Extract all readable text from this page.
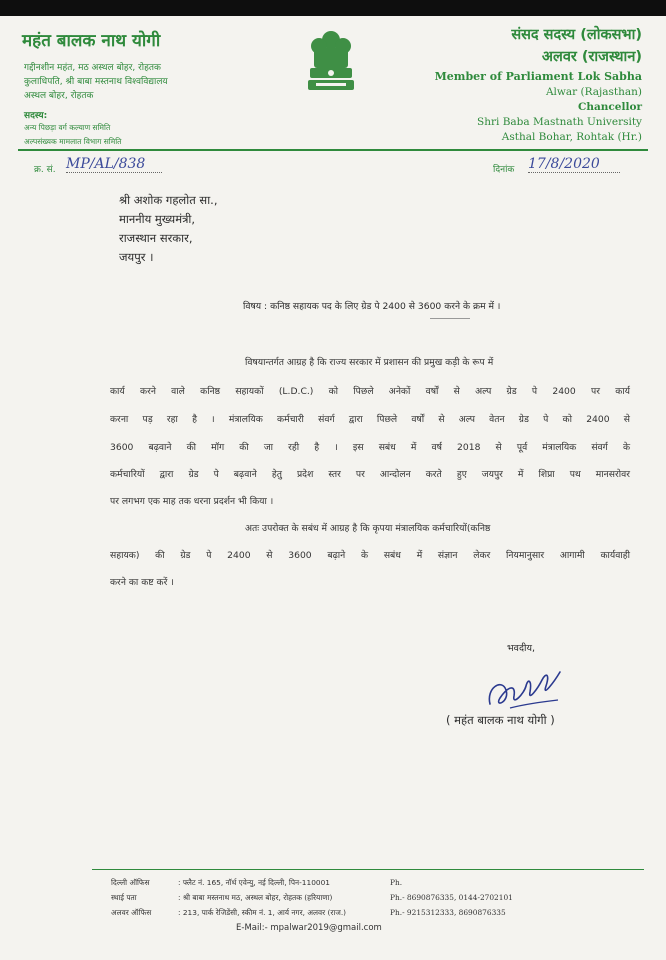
महंत बालक नाथ योगी
गद्दीनशीन महंत, मठ अस्थल बोहर, रोहतक
कुलाधिपति, श्री बाबा मस्तनाथ विश्वविद्यालय
अस्थल बोहर, रोहतक
सदस्य:
अन्य पिछड़ा वर्ग कल्याण समिति
अल्पसंख्यक मामलात विभाग समिति
संसद सदस्य (लोकसभा)
अलवर (राजस्थान)
Member of Parliament Lok Sabha
Alwar (Rajasthan)
Chancellor
Shri Baba Mastnath University
Asthal Bohar, Rohtak (Hr.)
क्र. सं. MP/AL/838	दिनांक 17/8/2020
श्री अशोक गहलोत सा.,
माननीय मुख्यमंत्री,
राजस्थान सरकार,
जयपुर ।
विषय : कनिष्ठ सहायक पद के लिए ग्रेड पे 2400 से 3600 करने के क्रम में ।
विषयान्तर्गत आग्रह है कि राज्य सरकार में प्रशासन की प्रमुख कड़ी के रूप में
कार्य करने वाले कनिष्ठ सहायकों (L.D.C.) को पिछले अनेकों वर्षों से अल्प ग्रेड पे 2400 पर कार्य
करना पड़ रहा है । मंत्रालयिक कर्मचारी संवर्ग द्वारा पिछले वर्षों से अल्प वेतन ग्रेड पे को 2400 से
3600 बढ़वाने की मॉग की जा रही है । इस सबंध में वर्ष 2018 से पूर्व मंत्रालयिक संवर्ग के
कर्मचारियों द्वारा ग्रेड पे बढ़वाने हेतु प्रदेश स्तर पर आन्दोलन करते हुए जयपुर में शिप्रा पथ मानसरोवर
पर लगभग एक माह तक धरना प्रदर्शन भी किया ।
अतः उपरोक्त के सबंध में आग्रह है कि कृपया मंत्रालयिक कर्मचारियों(कनिष्ठ
सहायक) की ग्रेड पे 2400 से 3600 बढ़ाने के सबंध में संज्ञान लेकर नियमानुसार आगामी कार्यवाही
करने का कष्ट करें ।
भवदीय,
( महंत बालक नाथ योगी )
दिल्ली ऑफिस	: फ्लैट नं. 165, नॉर्थ एवेन्यु, नई दिल्ली, पिन-110001	Ph.
स्थाई पता	: श्री बाबा मस्तनाथ मठ, अस्थल बोहर, रोहतक (हरियाणा)	Ph.- 8690876335, 0144-2702101
अलवर ऑफिस	: 213, पार्क रेजिडेंसी, स्कीम नं. 1, आर्य नगर, अलवर (राज.)	Ph.- 9215312333, 8690876335
E-Mail:- mpalwar2019@gmail.com
